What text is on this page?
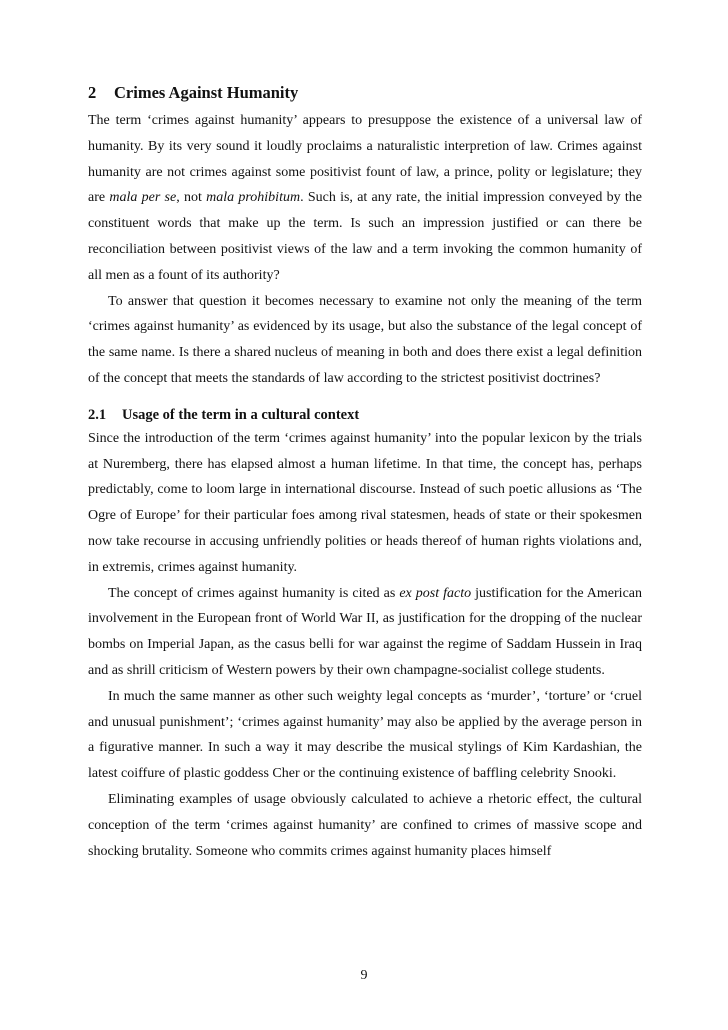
2 Crimes Against Humanity

The term ‘crimes against humanity’ appears to presuppose the existence of a universal law of humanity. By its very sound it loudly proclaims a naturalistic interpretion of law. Crimes against humanity are not crimes against some positivist fount of law, a prince, polity or legislature; they are mala per se, not mala prohibitum. Such is, at any rate, the initial impression conveyed by the constituent words that make up the term. Is such an impression justified or can there be reconciliation between positivist views of the law and a term invoking the common humanity of all men as a fount of its authority?

To answer that question it becomes necessary to examine not only the meaning of the term ‘crimes against humanity’ as evidenced by its usage, but also the substance of the legal concept of the same name. Is there a shared nucleus of meaning in both and does there exist a legal definition of the concept that meets the standards of law according to the strictest positivist doctrines?

2.1 Usage of the term in a cultural context

Since the introduction of the term ‘crimes against humanity’ into the popular lexicon by the trials at Nuremberg, there has elapsed almost a human lifetime. In that time, the concept has, perhaps predictably, come to loom large in international discourse. Instead of such poetic allusions as ‘The Ogre of Europe’ for their particular foes among rival statesmen, heads of state or their spokesmen now take recourse in accusing unfriendly polities or heads thereof of human rights violations and, in extremis, crimes against humanity.

The concept of crimes against humanity is cited as ex post facto justification for the American involvement in the European front of World War II, as justification for the dropping of the nuclear bombs on Imperial Japan, as the casus belli for war against the regime of Saddam Hussein in Iraq and as shrill criticism of Western powers by their own champagne-socialist college students.

In much the same manner as other such weighty legal concepts as ‘murder’, ‘torture’ or ‘cruel and unusual punishment’; ‘crimes against humanity’ may also be applied by the average person in a figurative manner. In such a way it may describe the musical stylings of Kim Kardashian, the latest coiffure of plastic goddess Cher or the continuing existence of baffling celebrity Snooki.

Eliminating examples of usage obviously calculated to achieve a rhetoric effect, the cultural conception of the term ‘crimes against humanity’ are confined to crimes of massive scope and shocking brutality. Someone who commits crimes against humanity places himself

9
